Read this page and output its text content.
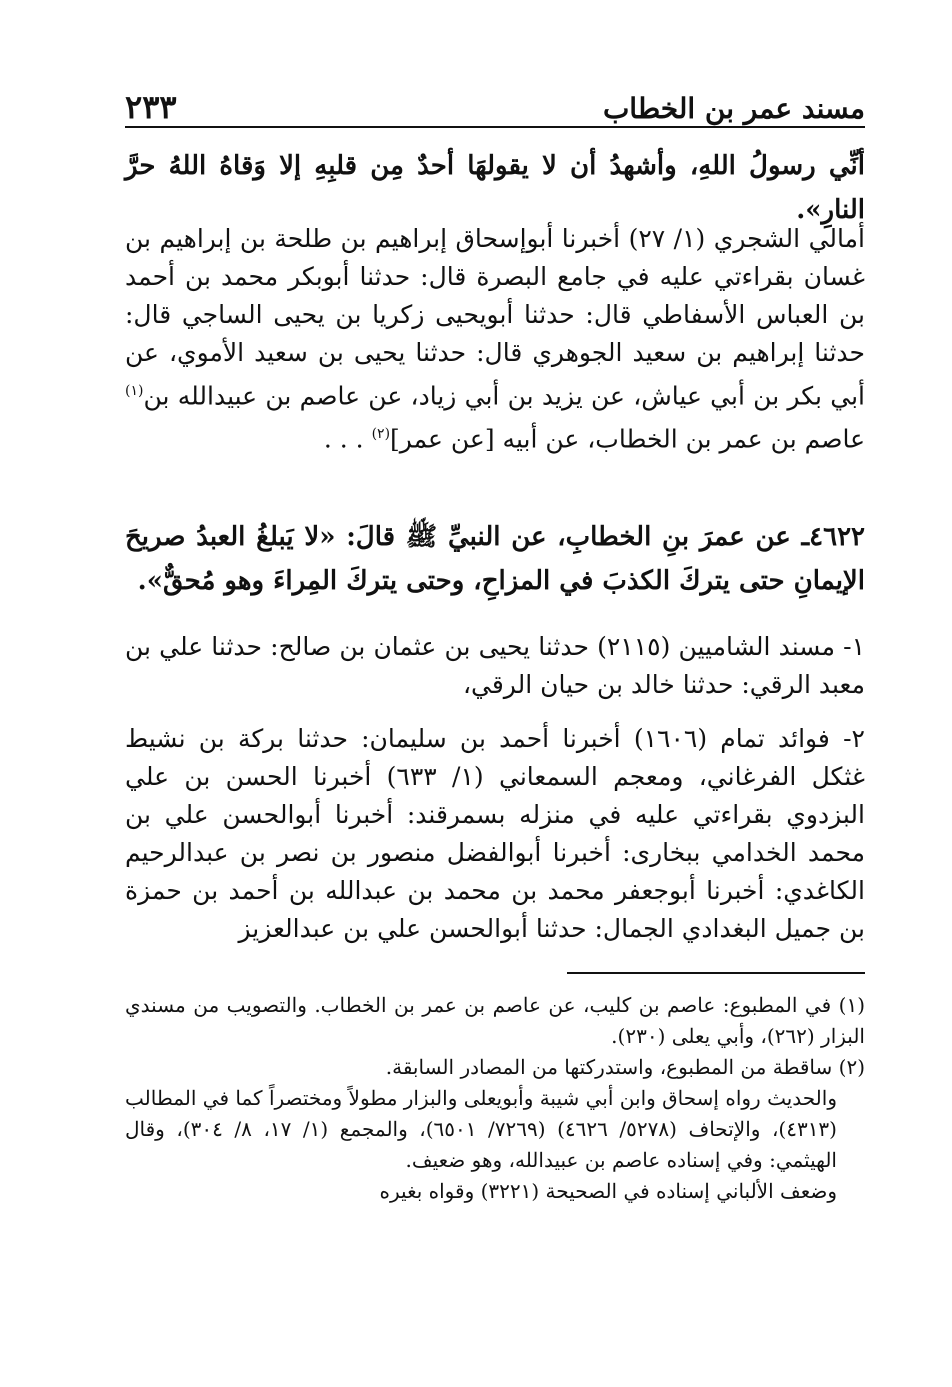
مسند عمر بن الخطاب
٢٣٣

أنِّي رسولُ اللهِ، وأشهدُ أن لا يقولهَا أحدٌ مِن قلبِهِ إلا وَقاهُ اللهُ حرَّ النارِ».

أمالي الشجري (١/ ٢٧) أخبرنا أبوإسحاق إبراهيم بن طلحة بن إبراهيم بن غسان بقراءتي عليه في جامع البصرة قال: حدثنا أبوبكر محمد بن أحمد بن العباس الأسفاطي قال: حدثنا أبويحيى زكريا بن يحيى الساجي قال: حدثنا إبراهيم بن سعيد الجوهري قال: حدثنا يحيى بن سعيد الأموي، عن أبي بكر بن أبي عياش، عن يزيد بن أبي زياد، عن عاصم بن عبيدالله بن$^{(١)}$ عاصم بن عمر بن الخطاب، عن أبيه [عن عمر]$^{(٢)}$ . . .

٤٦٢٢ـ عن عمرَ بنِ الخطابِ، عن النبيِّ ﷺ قالَ: «لا يَبلغُ العبدُ صريحَ الإيمانِ حتى يتركَ الكذبَ في المزاحِ، وحتى يتركَ المِراءَ وهو مُحقٌّ».

١- مسند الشاميين (٢١١٥) حدثنا يحيى بن عثمان بن صالح: حدثنا علي بن معبد الرقي: حدثنا خالد بن حيان الرقي،

٢- فوائد تمام (١٦٠٦) أخبرنا أحمد بن سليمان: حدثنا بركة بن نشيط غثكل الفرغاني، ومعجم السمعاني (١/ ٦٣٣) أخبرنا الحسن بن علي البزدوي بقراءتي عليه في منزله بسمرقند: أخبرنا أبوالحسن علي بن محمد الخدامي ببخارى: أخبرنا أبوالفضل منصور بن نصر بن عبدالرحيم الكاغدي: أخبرنا أبوجعفر محمد بن محمد بن عبدالله بن أحمد بن حمزة بن جميل البغدادي الجمال: حدثنا أبوالحسن علي بن عبدالعزيز

(١) في المطبوع: عاصم بن كليب، عن عاصم بن عمر بن الخطاب. والتصويب من مسندي البزار (٢٦٢)، وأبي يعلى (٢٣٠).

(٢) ساقطة من المطبوع، واستدركتها من المصادر السابقة.

والحديث رواه إسحاق وابن أبي شيبة وأبويعلى والبزار مطولاً ومختصراً كما في المطالب (٤٣١٣)، والإتحاف (٥٢٧٨/ ٤٦٢٦) (٧٢٦٩/ ٦٥٠١)، والمجمع (١/ ١٧، ٨/ ٣٠٤)، وقال الهيثمي: وفي إسناده عاصم بن عبيدالله، وهو ضعيف.

وضعف الألباني إسناده في الصحيحة (٣٢٢١) وقواه بغيره
